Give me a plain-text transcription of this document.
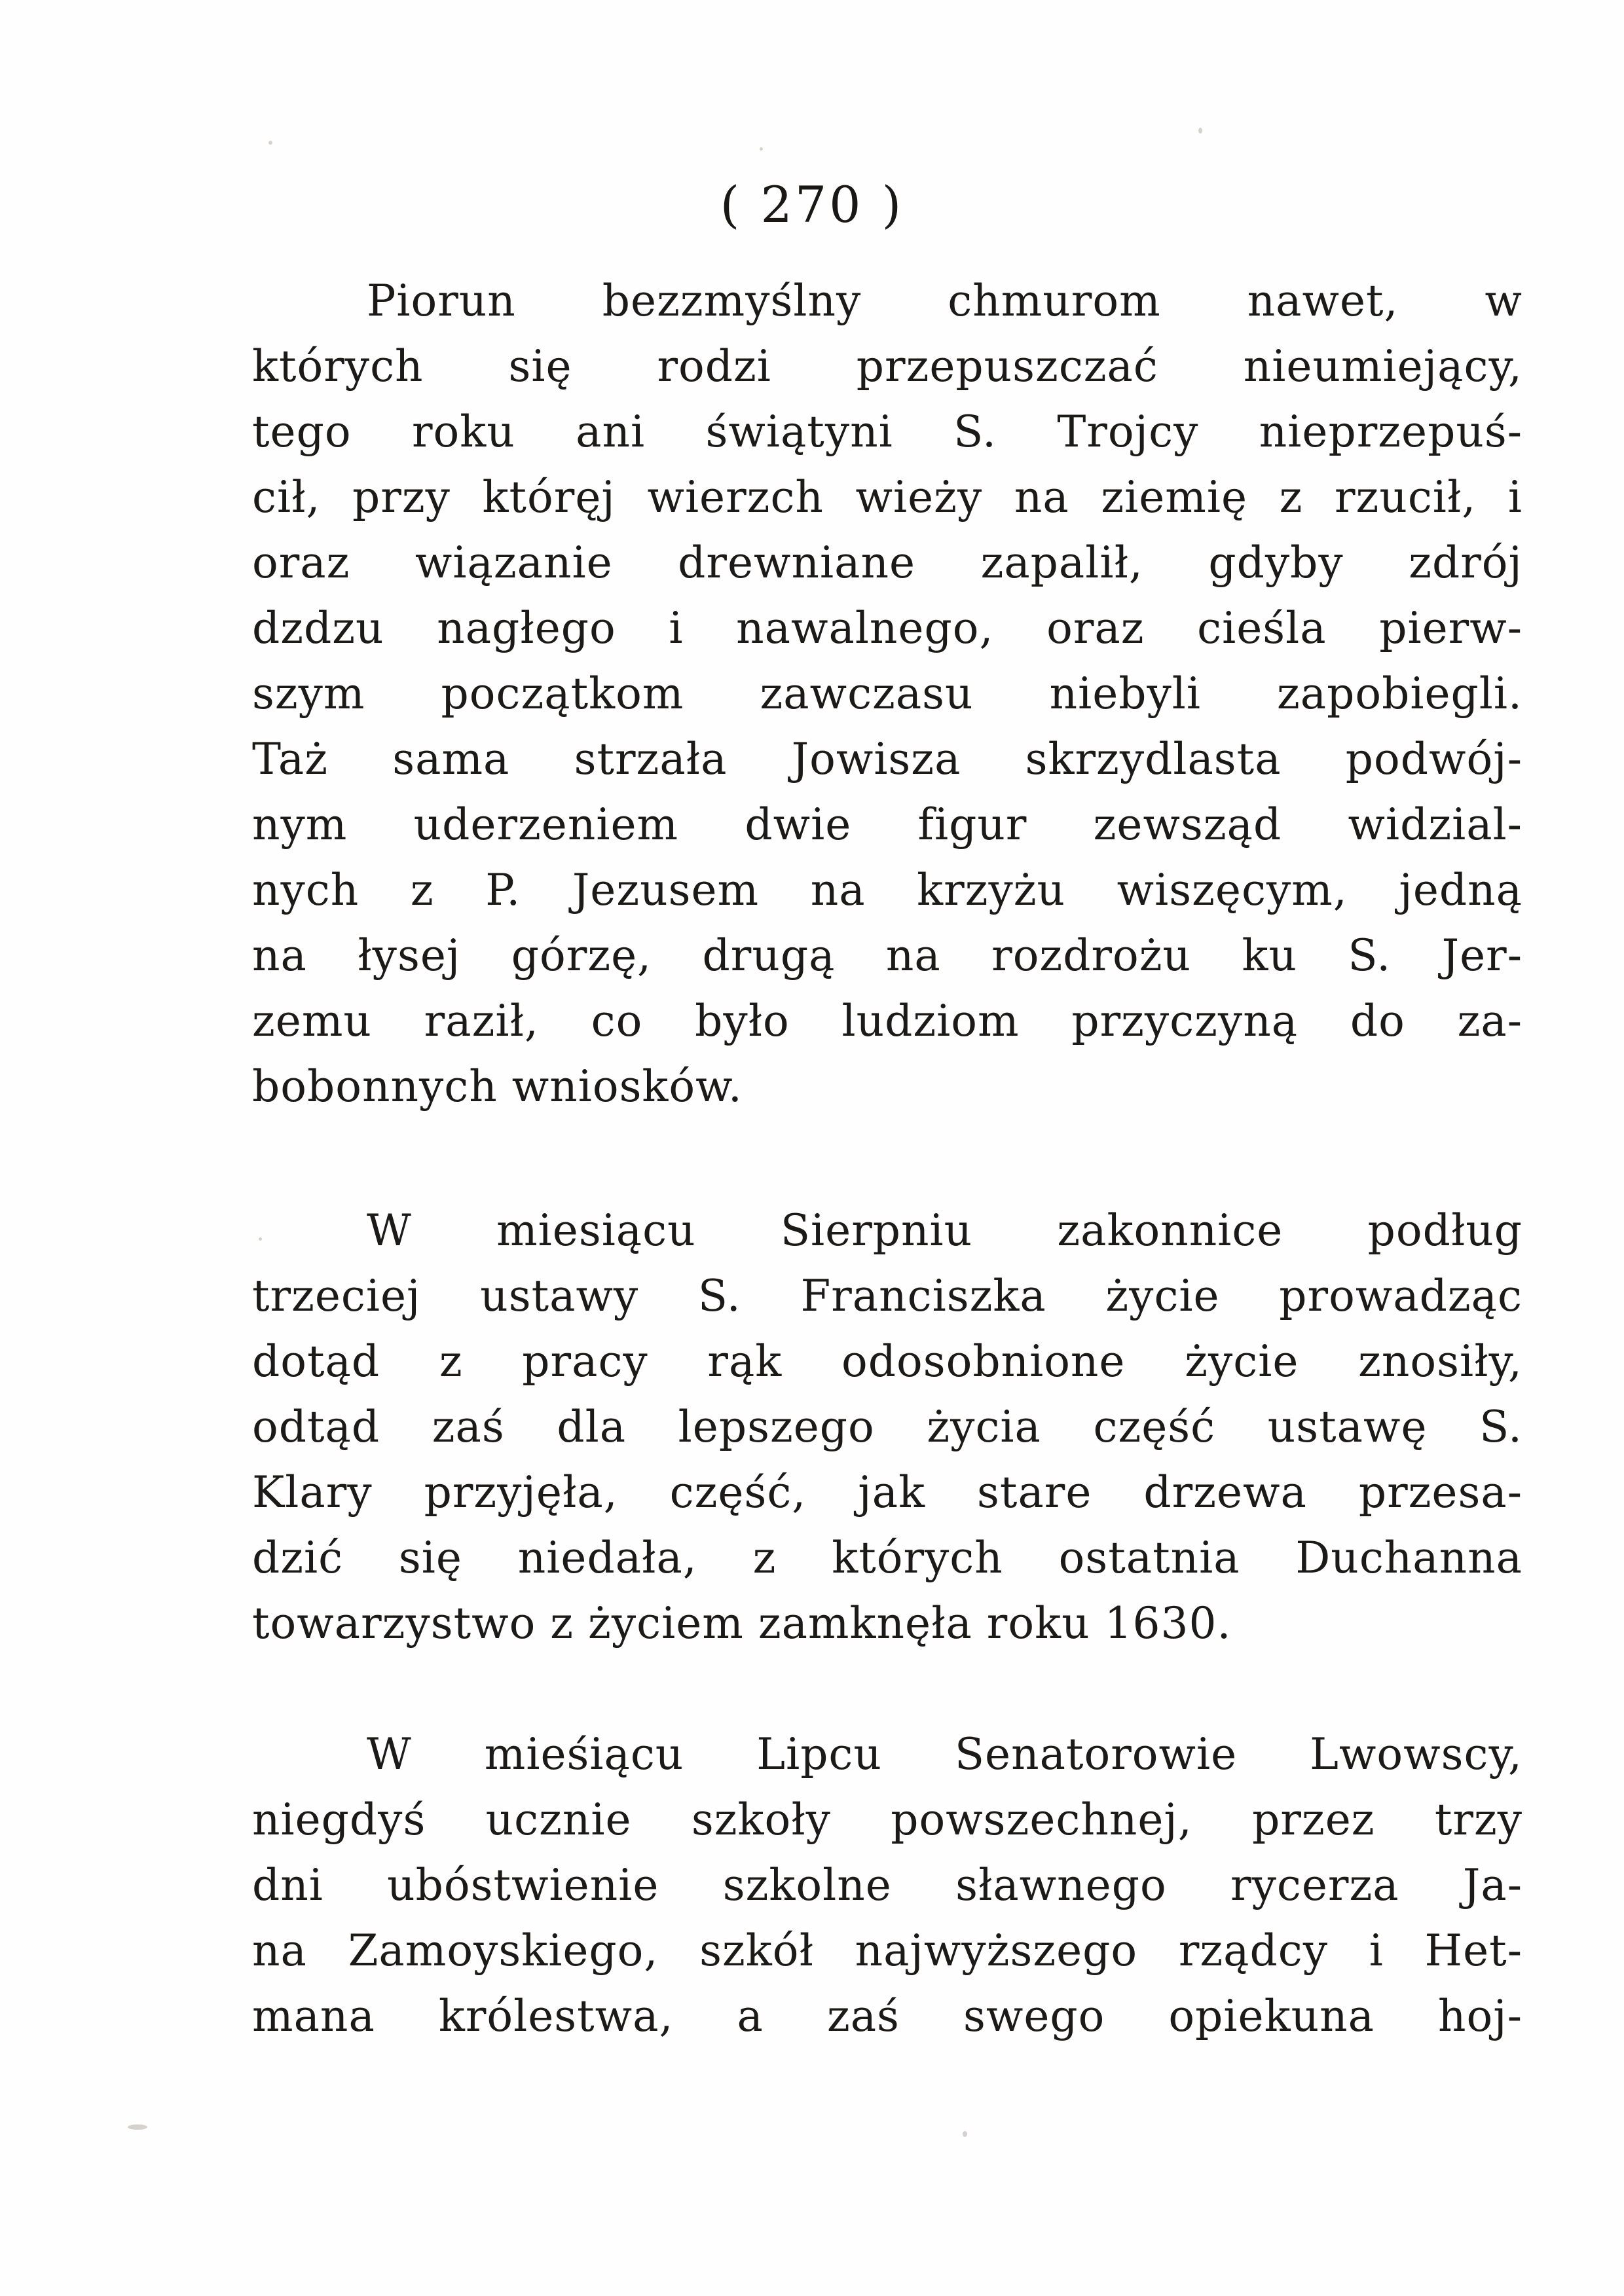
( 270 )
Piorun bezzmyślny chmurom nawet, w
których się rodzi przepuszczać nieumiejący,
tego roku ani świątyni S. Trojcy nieprzepuś-
cił, przy któręj wierzch wieży na ziemię z rzucił, i
oraz wiązanie drewniane zapalił, gdyby zdrój
dzdzu nagłego i nawalnego, oraz cieśla pierw-
szym początkom zawczasu niebyli zapobiegli.
Taż sama strzała Jowisza skrzydlasta podwój-
nym uderzeniem dwie figur zewsząd widzial-
nych z P. Jezusem na krzyżu wiszęcym, jedną
na łysej górzę, drugą na rozdrożu ku S. Jer-
zemu raził, co było ludziom przyczyną do za-
bobonnych wniosków.
W miesiącu Sierpniu zakonnice podług
trzeciej ustawy S. Franciszka życie prowadząc
dotąd z pracy rąk odosobnione życie znosiły,
odtąd zaś dla lepszego życia część ustawę S.
Klary przyjęła, część, jak stare drzewa przesa-
dzić się niedała, z których ostatnia Duchanna
towarzystwo z życiem zamknęła roku 1630.
W mieśiącu Lipcu Senatorowie Lwowscy,
niegdyś ucznie szkoły powszechnej, przez trzy
dni ubóstwienie szkolne sławnego rycerza Ja-
na Zamoyskiego, szkół najwyższego rządcy i Het-
mana królestwa, a zaś swego opiekuna hoj-
